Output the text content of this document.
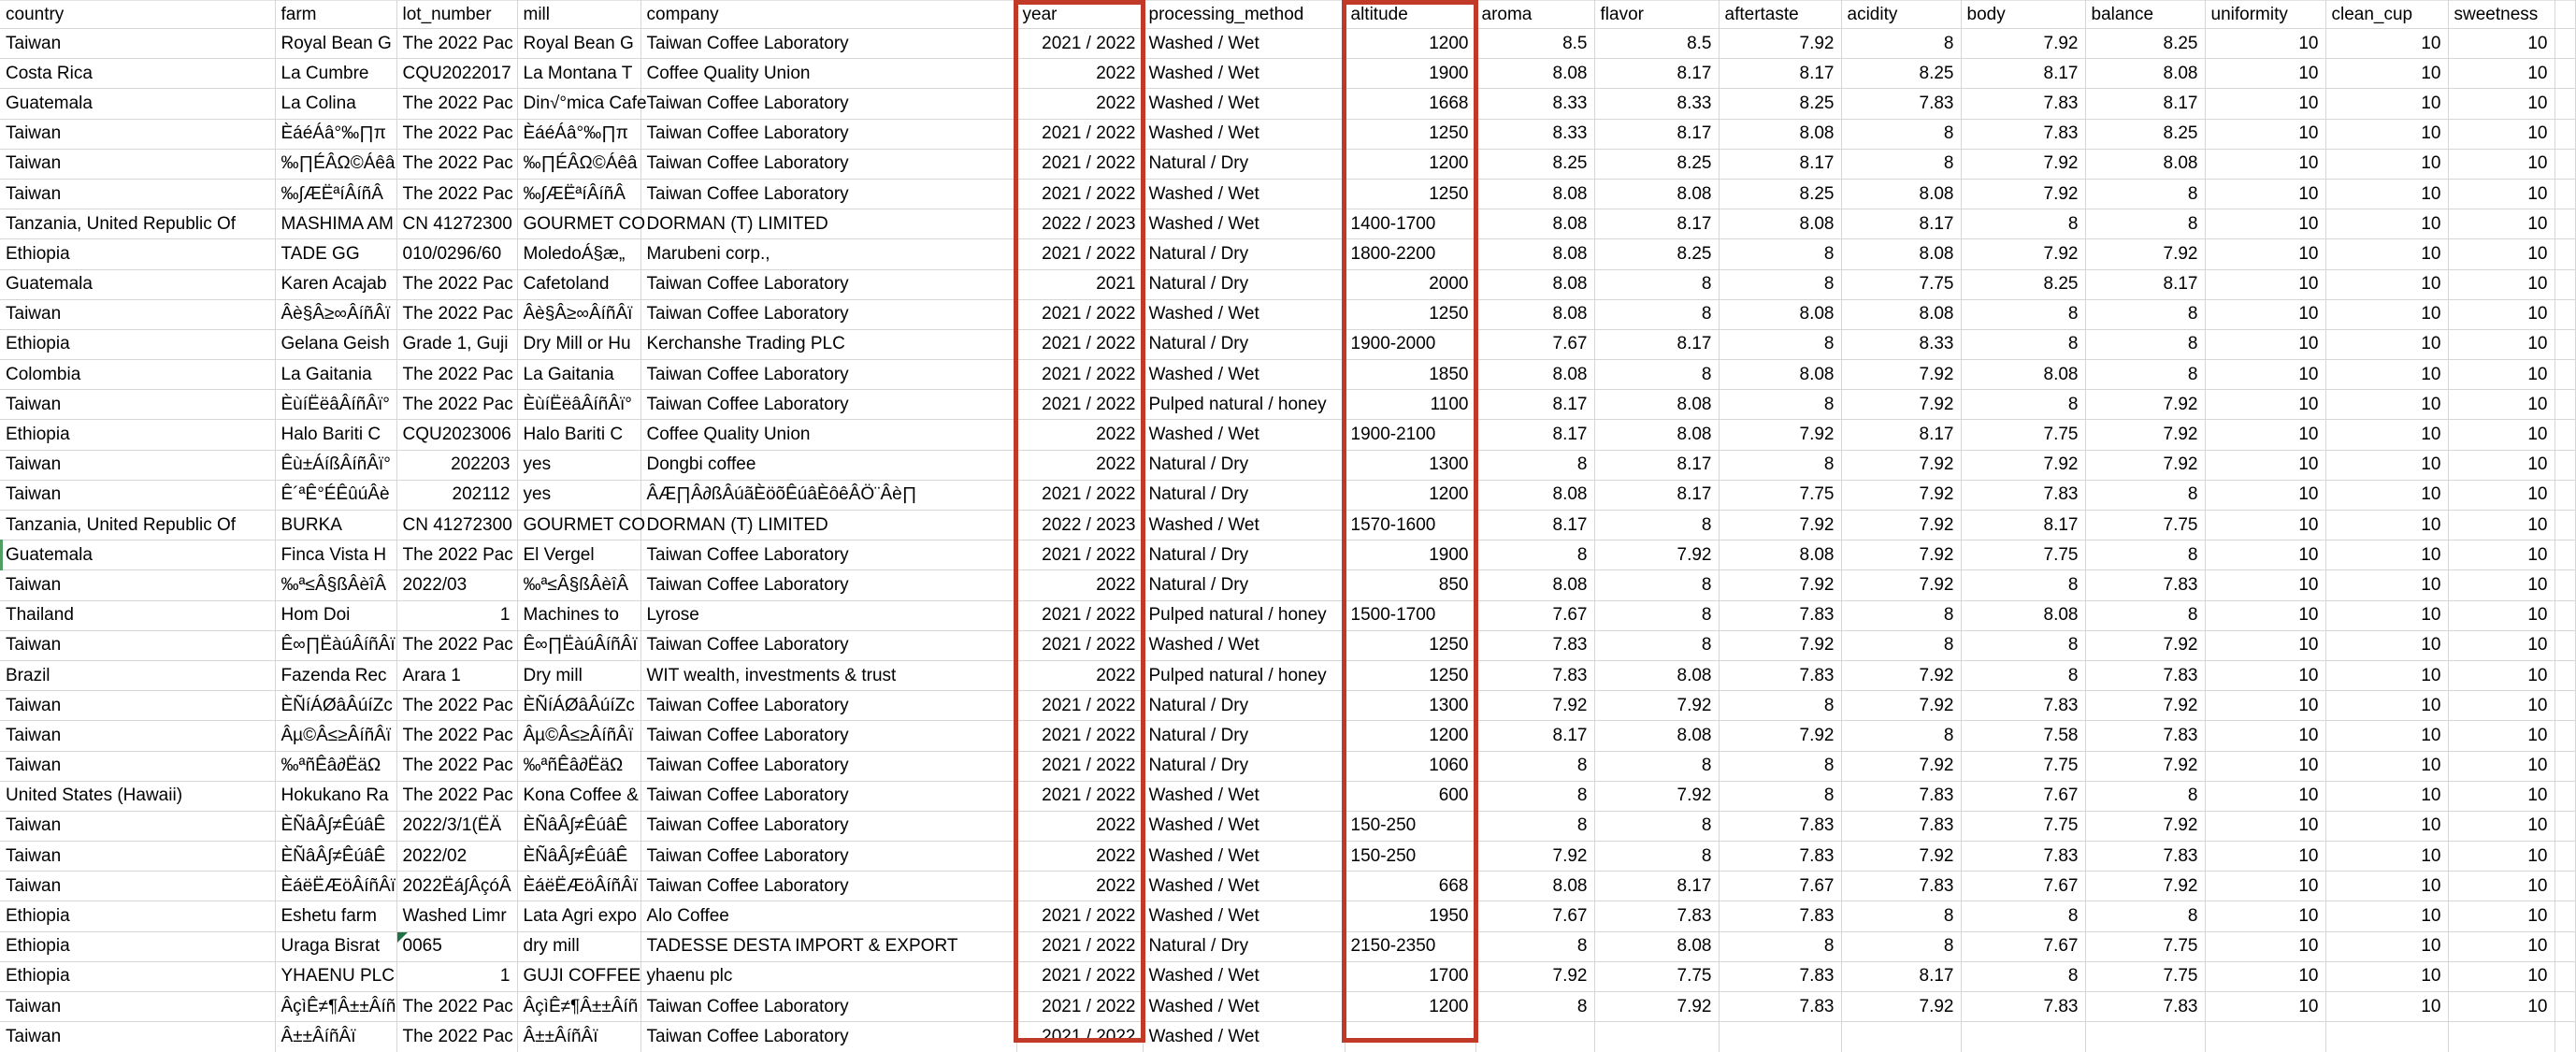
country	farm	lot_number	mill	company	year	processing_method	altitude	aroma	flavor	aftertaste	acidity	body	balance	uniformity	clean_cup	sweetness	
Taiwan	Royal Bean G	The 2022 Pac	Royal Bean G	Taiwan Coffee Laboratory	2021 / 2022	Washed / Wet	1200	8.5	8.5	7.92	8	7.92	8.25	10	10	10	
Costa Rica	La Cumbre	CQU2022017	La Montana T	Coffee Quality Union	2022	Washed / Wet	1900	8.08	8.17	8.17	8.25	8.17	8.08	10	10	10	
Guatemala	La Colina	The 2022 Pac	Din√°mica Cafe	Taiwan Coffee Laboratory	2022	Washed / Wet	1668	8.33	8.33	8.25	7.83	7.83	8.17	10	10	10	
Taiwan	ÈáéÁâ°‰∏π	The 2022 Pac	ÈáéÁâ°‰∏π	Taiwan Coffee Laboratory	2021 / 2022	Washed / Wet	1250	8.33	8.17	8.08	8	7.83	8.25	10	10	10	
Taiwan	‰∏ÉÂΩ©Áêâ	The 2022 Pac	‰∏ÉÂΩ©Áêâ	Taiwan Coffee Laboratory	2021 / 2022	Natural / Dry	1200	8.25	8.25	8.17	8	7.92	8.08	10	10	10	
Taiwan	‰∫ÆËªíÂíñÂ	The 2022 Pac	‰∫ÆËªíÂíñÂ	Taiwan Coffee Laboratory	2021 / 2022	Washed / Wet	1250	8.08	8.08	8.25	8.08	7.92	8	10	10	10	
Tanzania, United Republic Of	MASHIMA AM	CN 41272300	GOURMET CO	DORMAN (T) LIMITED	2022 / 2023	Washed / Wet	1400-1700	8.08	8.17	8.08	8.17	8	8	10	10	10	
Ethiopia	TADE GG	010/0296/60	MoledoÁ§æ„	Marubeni corp.,	2021 / 2022	Natural / Dry	1800-2200	8.08	8.25	8	8.08	7.92	7.92	10	10	10	
Guatemala	Karen Acajab	The 2022 Pac	Cafetoland	Taiwan Coffee Laboratory	2021	Natural / Dry	2000	8.08	8	8	7.75	8.25	8.17	10	10	10	
Taiwan	Âè§Â≥∞ÂíñÂï	The 2022 Pac	Âè§Â≥∞ÂíñÂï	Taiwan Coffee Laboratory	2021 / 2022	Washed / Wet	1250	8.08	8	8.08	8.08	8	8	10	10	10	
Ethiopia	Gelana Geish	Grade 1, Guji	Dry Mill or Hu	Kerchanshe Trading PLC	2021 / 2022	Natural / Dry	1900-2000	7.67	8.17	8	8.33	8	8	10	10	10	
Colombia	La Gaitania	The 2022 Pac	La Gaitania	Taiwan Coffee Laboratory	2021 / 2022	Washed / Wet	1850	8.08	8	8.08	7.92	8.08	8	10	10	10	
Taiwan	ÈùíËëâÂíñÂï°	The 2022 Pac	ÈùíËëâÂíñÂï°	Taiwan Coffee Laboratory	2021 / 2022	Pulped natural / honey	1100	8.17	8.08	8	7.92	8	7.92	10	10	10	
Ethiopia	Halo Bariti C	CQU2023006	Halo Bariti C	Coffee Quality Union	2022	Washed / Wet	1900-2100	8.17	8.08	7.92	8.17	7.75	7.92	10	10	10	
Taiwan	Êù±ÁíßÂíñÂï°	202203	yes	Dongbi coffee	2022	Natural / Dry	1300	8	8.17	8	7.92	7.92	7.92	10	10	10	
Taiwan	Ê´ªÊ°ÉÊûúÂè	202112	yes	ÂÆ∏Â∂ßÂúãÈöõÊúâÈôêÂÖ¨Âè∏	2021 / 2022	Natural / Dry	1200	8.08	8.17	7.75	7.92	7.83	8	10	10	10	
Tanzania, United Republic Of	BURKA	CN 41272300	GOURMET CO	DORMAN (T) LIMITED	2022 / 2023	Washed / Wet	1570-1600	8.17	8	7.92	7.92	8.17	7.75	10	10	10	
Guatemala	Finca Vista H	The 2022 Pac	El Vergel	Taiwan Coffee Laboratory	2021 / 2022	Natural / Dry	1900	8	7.92	8.08	7.92	7.75	8	10	10	10	
Taiwan	‰ª≤Â§ßÂèîÂ	2022/03	‰ª≤Â§ßÂèîÂ	Taiwan Coffee Laboratory	2022	Natural / Dry	850	8.08	8	7.92	7.92	8	7.83	10	10	10	
Thailand	Hom Doi	1	Machines to	Lyrose	2021 / 2022	Pulped natural / honey	1500-1700	7.67	8	7.83	8	8.08	8	10	10	10	
Taiwan	Ê∞∏ËàúÂíñÂï	The 2022 Pac	Ê∞∏ËàúÂíñÂï	Taiwan Coffee Laboratory	2021 / 2022	Washed / Wet	1250	7.83	8	7.92	8	8	7.92	10	10	10	
Brazil	Fazenda Rec	Arara 1	Dry mill	WIT wealth, investments & trust	2022	Pulped natural / honey	1250	7.83	8.08	7.83	7.92	8	7.83	10	10	10	
Taiwan	ÈÑíÁØâÂúíZc	The 2022 Pac	ÈÑíÁØâÂúíZc	Taiwan Coffee Laboratory	2021 / 2022	Natural / Dry	1300	7.92	7.92	8	7.92	7.83	7.92	10	10	10	
Taiwan	Âµ©Â≤≥ÂíñÂï	The 2022 Pac	Âµ©Â≤≥ÂíñÂï	Taiwan Coffee Laboratory	2021 / 2022	Natural / Dry	1200	8.17	8.08	7.92	8	7.58	7.83	10	10	10	
Taiwan	‰ªñÊâ∂ËäΩ	The 2022 Pac	‰ªñÊâ∂ËäΩ	Taiwan Coffee Laboratory	2021 / 2022	Natural / Dry	1060	8	8	8	7.92	7.75	7.92	10	10	10	
United States (Hawaii)	Hokukano Ra	The 2022 Pac	Kona Coffee &	Taiwan Coffee Laboratory	2021 / 2022	Washed / Wet	600	8	7.92	8	7.83	7.67	8	10	10	10	
Taiwan	ÈÑâÂ∫≠ÊúâÊ	2022/3/1(ËÄ	ÈÑâÂ∫≠ÊúâÊ	Taiwan Coffee Laboratory	2022	Washed / Wet	150-250	8	8	7.83	7.83	7.75	7.92	10	10	10	
Taiwan	ÈÑâÂ∫≠ÊúâÊ	2022/02	ÈÑâÂ∫≠ÊúâÊ	Taiwan Coffee Laboratory	2022	Washed / Wet	150-250	7.92	8	7.83	7.92	7.83	7.83	10	10	10	
Taiwan	ÈáëËÆöÂíñÂï	2022Ëá∫ÂçóÂ	ÈáëËÆöÂíñÂï	Taiwan Coffee Laboratory	2022	Washed / Wet	668	8.08	8.17	7.67	7.83	7.67	7.92	10	10	10	
Ethiopia	Eshetu farm	Washed Limr	Lata Agri expo	Alo Coffee	2021 / 2022	Washed / Wet	1950	7.67	7.83	7.83	8	8	8	10	10	10	
Ethiopia	Uraga Bisrat	0065	dry mill	TADESSE DESTA IMPORT & EXPORT	2021 / 2022	Natural / Dry	2150-2350	8	8.08	8	8	7.67	7.75	10	10	10	
Ethiopia	YHAENU PLC	1	GUJI COFFEE	yhaenu plc	2021 / 2022	Washed / Wet	1700	7.92	7.75	7.83	8.17	8	7.75	10	10	10	
Taiwan	ÂçìÊ≠¶Â±±Âíñ	The 2022 Pac	ÂçìÊ≠¶Â±±Âíñ	Taiwan Coffee Laboratory	2021 / 2022	Washed / Wet	1200	8	7.92	7.83	7.92	7.83	7.83	10	10	10	
Taiwan	Â±±ÂíñÂï	The 2022 Pac	Â±±ÂíñÂï	Taiwan Coffee Laboratory	2021 / 2022	Washed / Wet											
